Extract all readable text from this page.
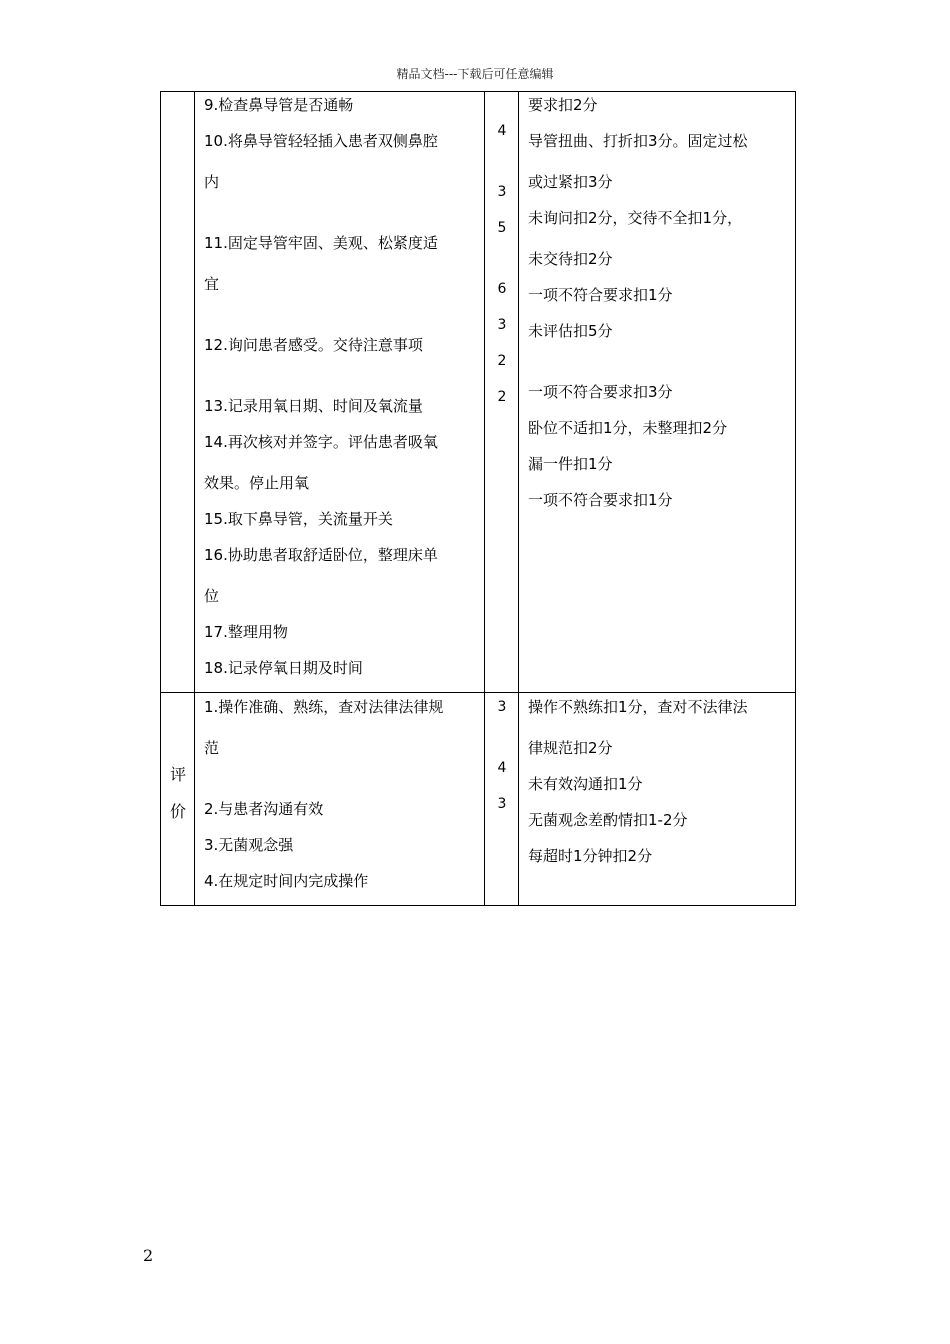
精品文档---下载后可任意编辑
9.检查鼻导管是否通畅
10.将鼻导管轻轻插入患者双侧鼻腔
内
11.固定导管牢固、美观、松紧度适
宜
12.询问患者感受。交待注意事项
13.记录用氧日期、时间及氧流量
14.再次核对并签字。评估患者吸氧
效果。停止用氧
15.取下鼻导管，关流量开关
16.协助患者取舒适卧位，整理床单
位
17.整理用物
18.记录停氧日期及时间
4
3
5
6
3
2
2
要求扣2分
导管扭曲、打折扣3分。固定过松
或过紧扣3分
未询问扣2分，交待不全扣1分，
未交待扣2分
一项不符合要求扣1分
未评估扣5分
一项不符合要求扣3分
卧位不适扣1分，未整理扣2分
漏一件扣1分
一项不符合要求扣1分
评
价
1.操作准确、熟练，查对法律法律规
范
2.与患者沟通有效
3.无菌观念强
4.在规定时间内完成操作
3
4
3
操作不熟练扣1分，查对不法律法
律规范扣2分
未有效沟通扣1分
无菌观念差酌情扣1-2分
每超时1分钟扣2分
2
